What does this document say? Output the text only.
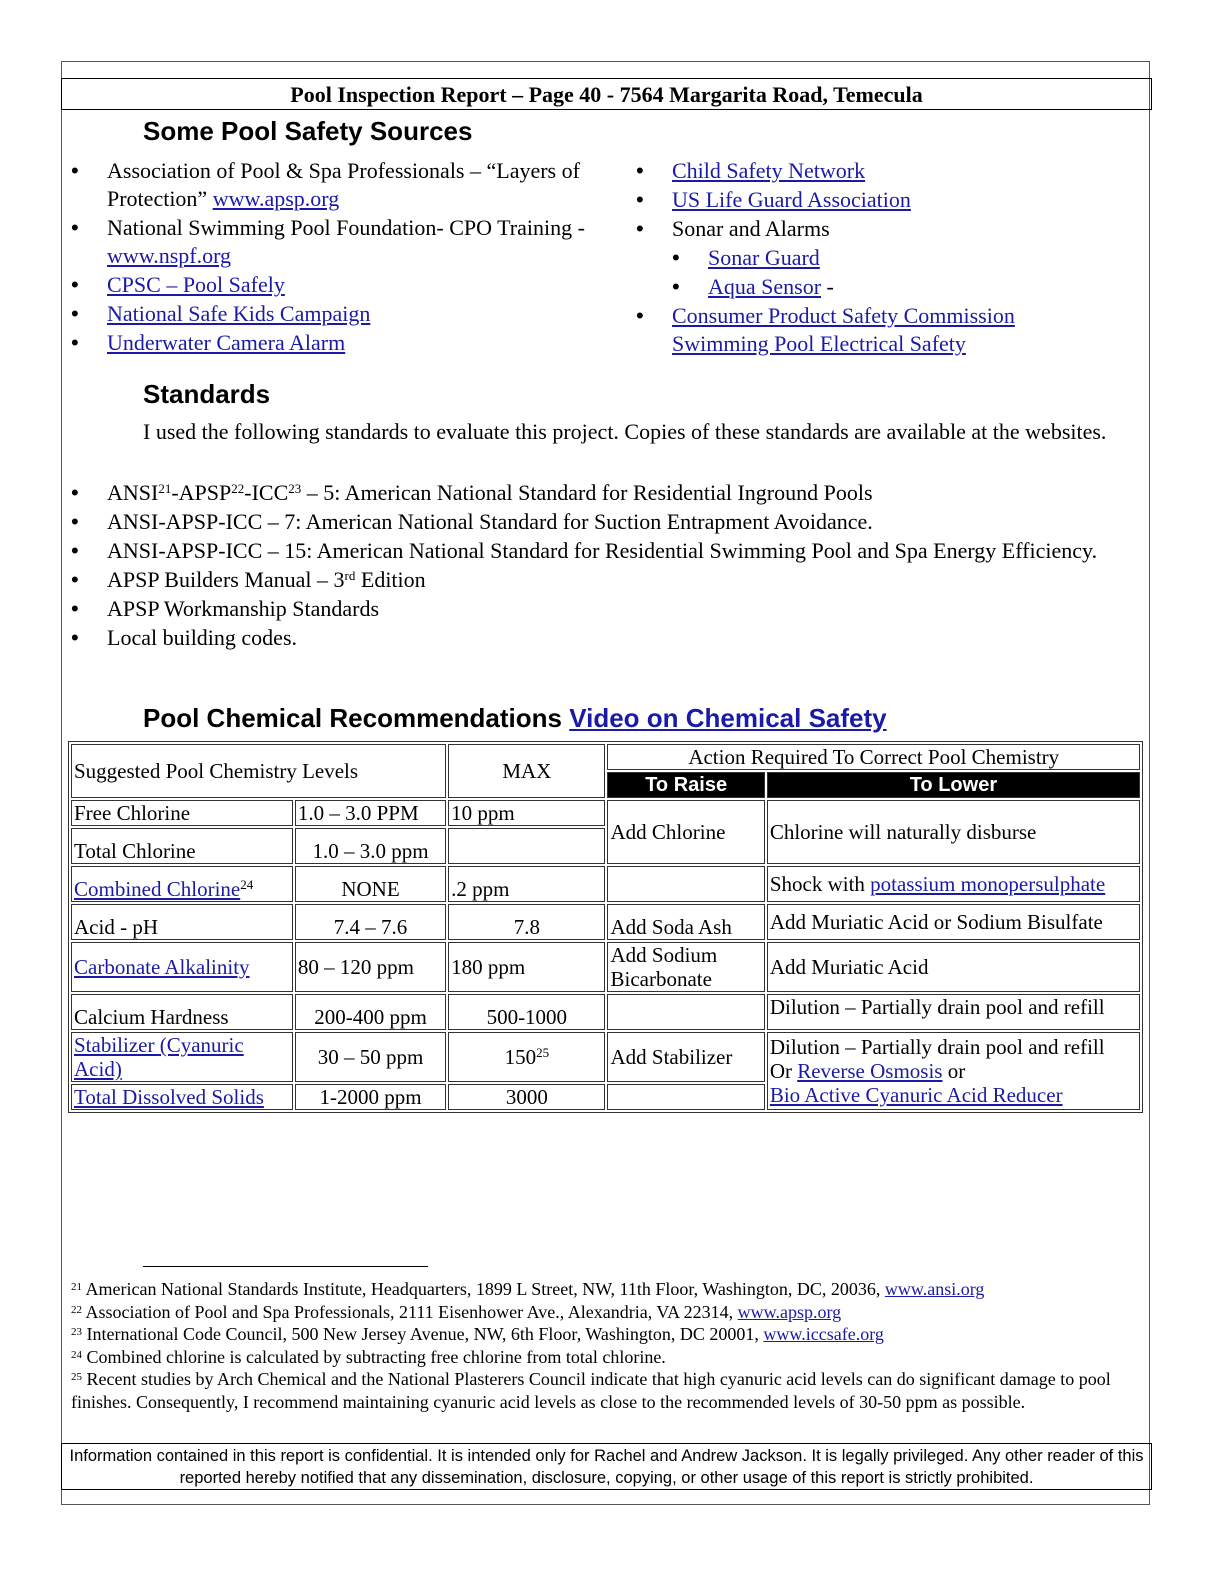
Pool Inspection Report – Page 40 - 7564 Margarita Road, Temecula
Some Pool Safety Sources
• Association of Pool & Spa Professionals – “Layers of Protection” www.apsp.org
• National Swimming Pool Foundation- CPO Training - www.nspf.org
• CPSC – Pool Safely
• National Safe Kids Campaign
• Underwater Camera Alarm
• Child Safety Network
• US Life Guard Association
• Sonar and Alarms
• Sonar Guard
• Aqua Sensor -
• Consumer Product Safety Commission
Swimming Pool Electrical Safety
Standards
I used the following standards to evaluate this project. Copies of these standards are available at the websites.
• ANSI$^{21}$-APSP$^{22}$-ICC$^{23}$ – 5: American National Standard for Residential Inground Pools
• ANSI-APSP-ICC – 7: American National Standard for Suction Entrapment Avoidance.
• ANSI-APSP-ICC – 15: American National Standard for Residential Swimming Pool and Spa Energy Efficiency.
• APSP Builders Manual – 3rd Edition
• APSP Workmanship Standards
• Local building codes.
Pool Chemical Recommendations Video on Chemical Safety
Suggested Pool Chemistry Levels		MAX	Action Required To Correct Pool Chemistry	
			To Raise	To Lower
Free Chlorine	1.0 – 3.0 PPM	10 ppm	Add Chlorine	Chlorine will naturally disburse
Total Chlorine	1.0 – 3.0 ppm			
Combined Chlorine$^{24}$	NONE	.2 ppm		Shock with potassium monopersulphate
Acid - pH	7.4 – 7.6	7.8	Add Soda Ash	Add Muriatic Acid or Sodium Bisulfate
Carbonate Alkalinity	80 – 120 ppm	180 ppm	Add Sodium
Bicarbonate	Add Muriatic Acid
Calcium Hardness	200-400 ppm	500-1000		Dilution – Partially drain pool and refill
Stabilizer (Cyanuric
Acid)	30 – 50 ppm	$150^{25}$	Add Stabilizer	Dilution – Partially drain pool and refill
Or Reverse Osmosis or
Bio Active Cyanuric Acid Reducer
Total Dissolved Solids	1-2000 ppm	3000		
$^{21}$ American National Standards Institute, Headquarters, 1899 L Street, NW, 11th Floor, Washington, DC, 20036, www.ansi.org
$^{22}$ Association of Pool and Spa Professionals, 2111 Eisenhower Ave., Alexandria, VA 22314, www.apsp.org
$^{23}$ International Code Council, 500 New Jersey Avenue, NW, 6th Floor, Washington, DC 20001, www.iccsafe.org
$^{24}$ Combined chlorine is calculated by subtracting free chlorine from total chlorine.
$^{25}$ Recent studies by Arch Chemical and the National Plasterers Council indicate that high cyanuric acid levels can do significant damage to pool finishes. Consequently, I recommend maintaining cyanuric acid levels as close to the recommended levels of 30-50 ppm as possible.
Information contained in this report is confidential. It is intended only for Rachel and Andrew Jackson. It is legally privileged. Any other reader of this reported hereby notified that any dissemination, disclosure, copying, or other usage of this report is strictly prohibited.
